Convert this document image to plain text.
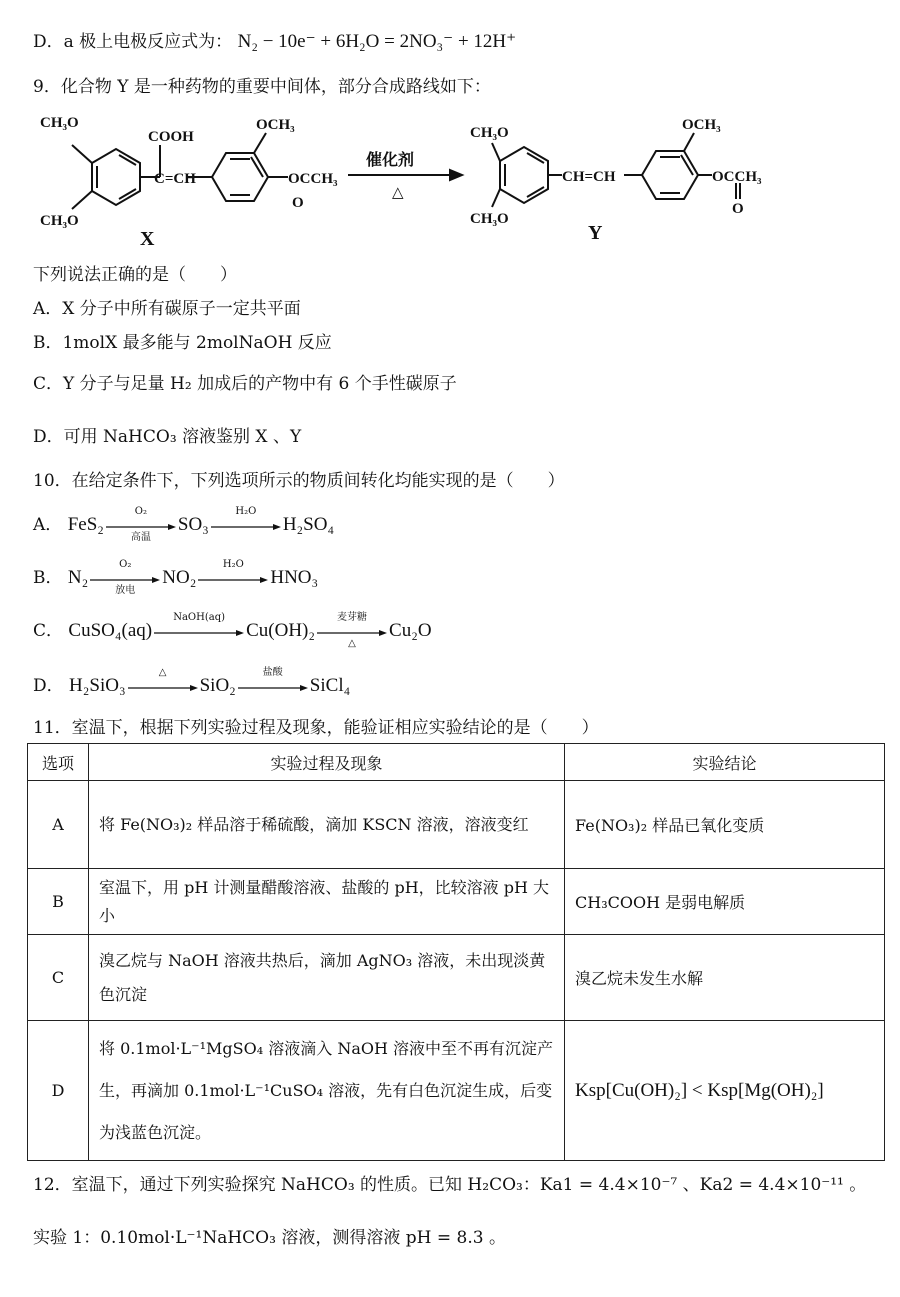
D．a 极上电极反应式为： N₂ − 10e⁻ + 6H₂O = 2NO₃⁻ + 12H⁺
9．化合物 Y 是一种药物的重要中间体，部分合成路线如下：
CH₃O
CH₃O
COOH
C=CH
OCH₃
OCCH₃
O
X
催化剂
△
CH₃O
CH₃O
CH=CH
OCH₃
OCCH₃
O
Y
下列说法正确的是（　　）
A．X 分子中所有碳原子一定共平面
B．1molX 最多能与 2molNaOH 反应
C．Y 分子与足量 H₂ 加成后的产物中有 6 个手性碳原子
D．可用 NaHCO₃ 溶液鉴别 X 、Y
10．在给定条件下，下列选项所示的物质间转化均能实现的是（　　）
A． FeS₂
O₂
高温
SO₃
H₂O
H₂SO₄
B． N₂
O₂
放电
NO₂
H₂O
HNO₃
C． CuSO₄(aq)
NaOH(aq)
Cu(OH)₂
麦芽糖
△
Cu₂O
D． H₂SiO₃
△
SiO₂
盐酸
SiCl₄
11．室温下，根据下列实验过程及现象，能验证相应实验结论的是（　　）
选项	实验过程及现象	实验结论
A	将 Fe(NO₃)₂ 样品溶于稀硫酸，滴加 KSCN 溶液，溶液变红	Fe(NO₃)₂ 样品已氧化变质
B	室温下，用 pH 计测量醋酸溶液、盐酸的 pH，比较溶液 pH 大小	CH₃COOH 是弱电解质
C	溴乙烷与 NaOH 溶液共热后，滴加 AgNO₃ 溶液，未出现淡黄色沉淀	溴乙烷未发生水解
D	将 0.1mol·L⁻¹MgSO₄ 溶液滴入 NaOH 溶液中至不再有沉淀产生，再滴加 0.1mol·L⁻¹CuSO₄ 溶液，先有白色沉淀生成，后变为浅蓝色沉淀。	Ksp[Cu(OH)₂] < Ksp[Mg(OH)₂]
12．室温下，通过下列实验探究 NaHCO₃ 的性质。已知 H₂CO₃：Ka1 = 4.4×10⁻⁷ 、Ka2 = 4.4×10⁻¹¹ 。
实验 1：0.10mol·L⁻¹NaHCO₃ 溶液，测得溶液 pH = 8.3 。
